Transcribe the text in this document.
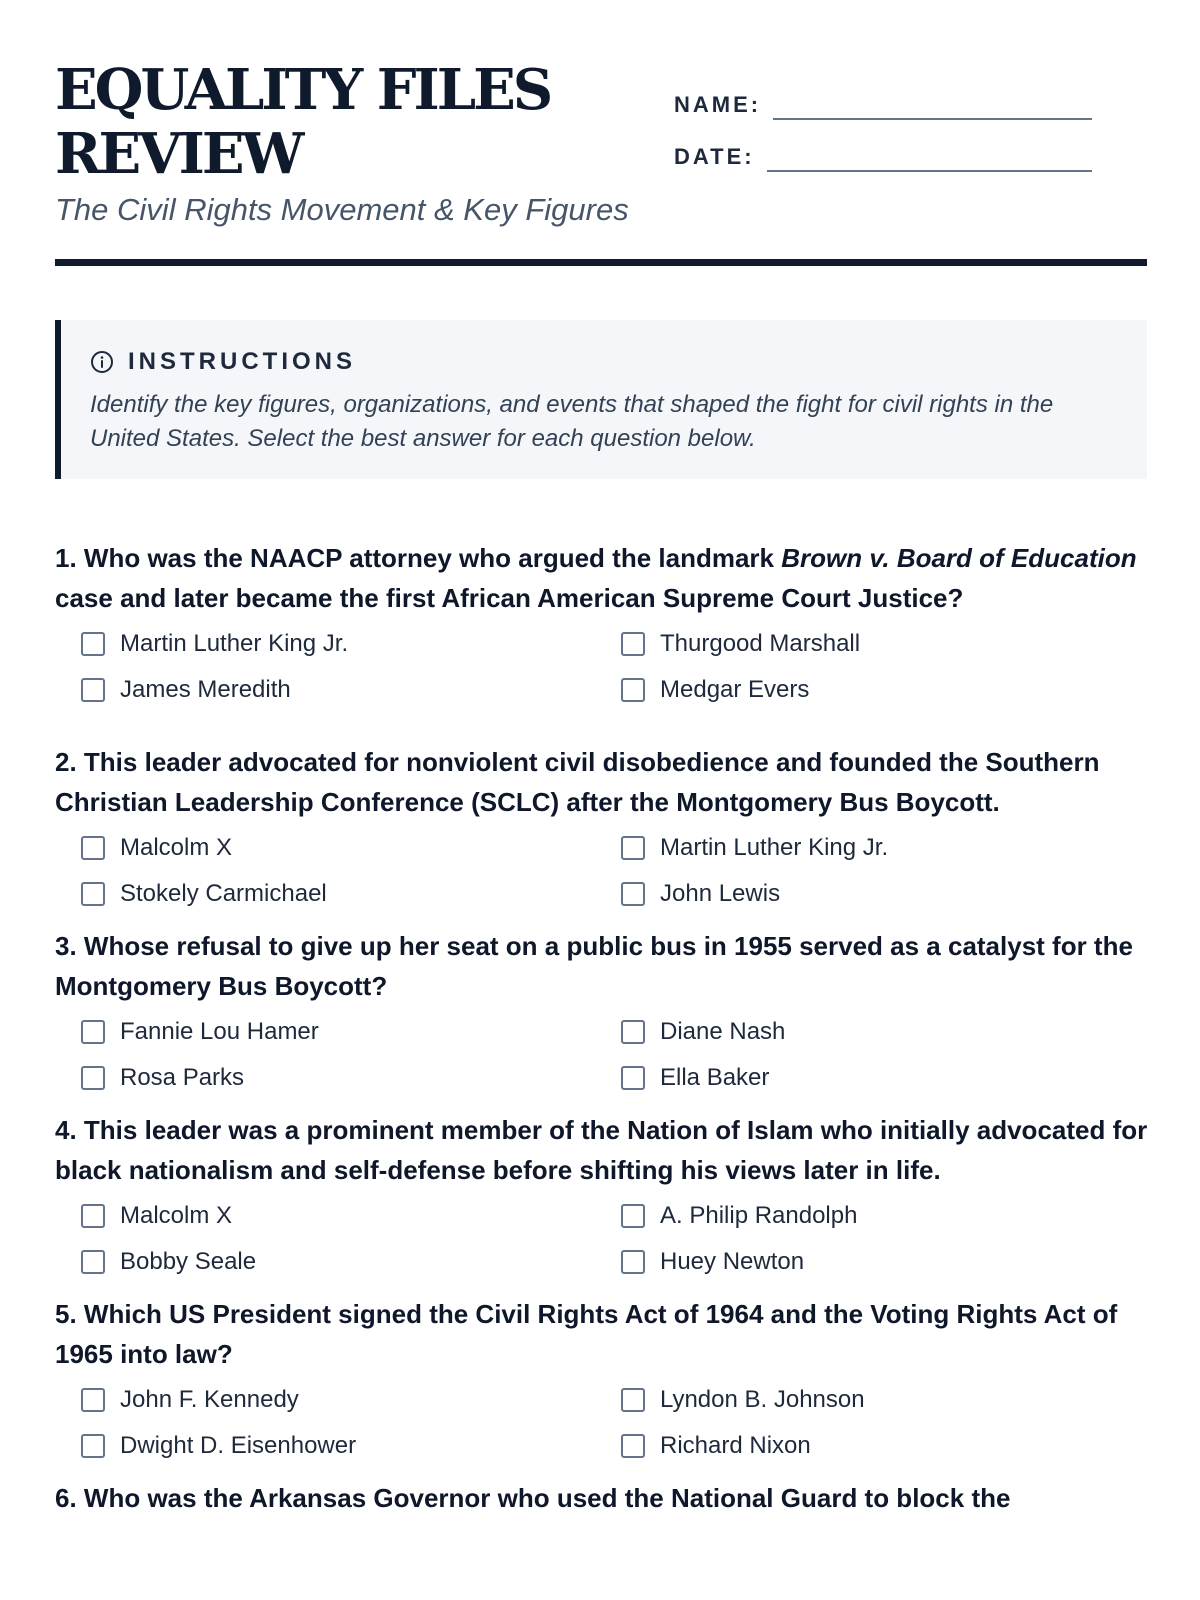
EQUALITY FILES REVIEW
The Civil Rights Movement & Key Figures
NAME:
DATE:
INSTRUCTIONS
Identify the key figures, organizations, and events that shaped the fight for civil rights in the United States. Select the best answer for each question below.

1. Who was the NAACP attorney who argued the landmark Brown v. Board of Education case and later became the first African American Supreme Court Justice?

Martin Luther King Jr.	Thurgood Marshall
James Meredith	Medgar Evers

2. This leader advocated for nonviolent civil disobedience and founded the Southern Christian Leadership Conference (SCLC) after the Montgomery Bus Boycott.

Malcolm X	Martin Luther King Jr.
Stokely Carmichael	John Lewis

3. Whose refusal to give up her seat on a public bus in 1955 served as a catalyst for the Montgomery Bus Boycott?

Fannie Lou Hamer	Diane Nash
Rosa Parks	Ella Baker

4. This leader was a prominent member of the Nation of Islam who initially advocated for black nationalism and self-defense before shifting his views later in life.

Malcolm X	A. Philip Randolph
Bobby Seale	Huey Newton

5. Which US President signed the Civil Rights Act of 1964 and the Voting Rights Act of 1965 into law?

John F. Kennedy	Lyndon B. Johnson
Dwight D. Eisenhower	Richard Nixon

6. Who was the Arkansas Governor who used the National Guard to block the
